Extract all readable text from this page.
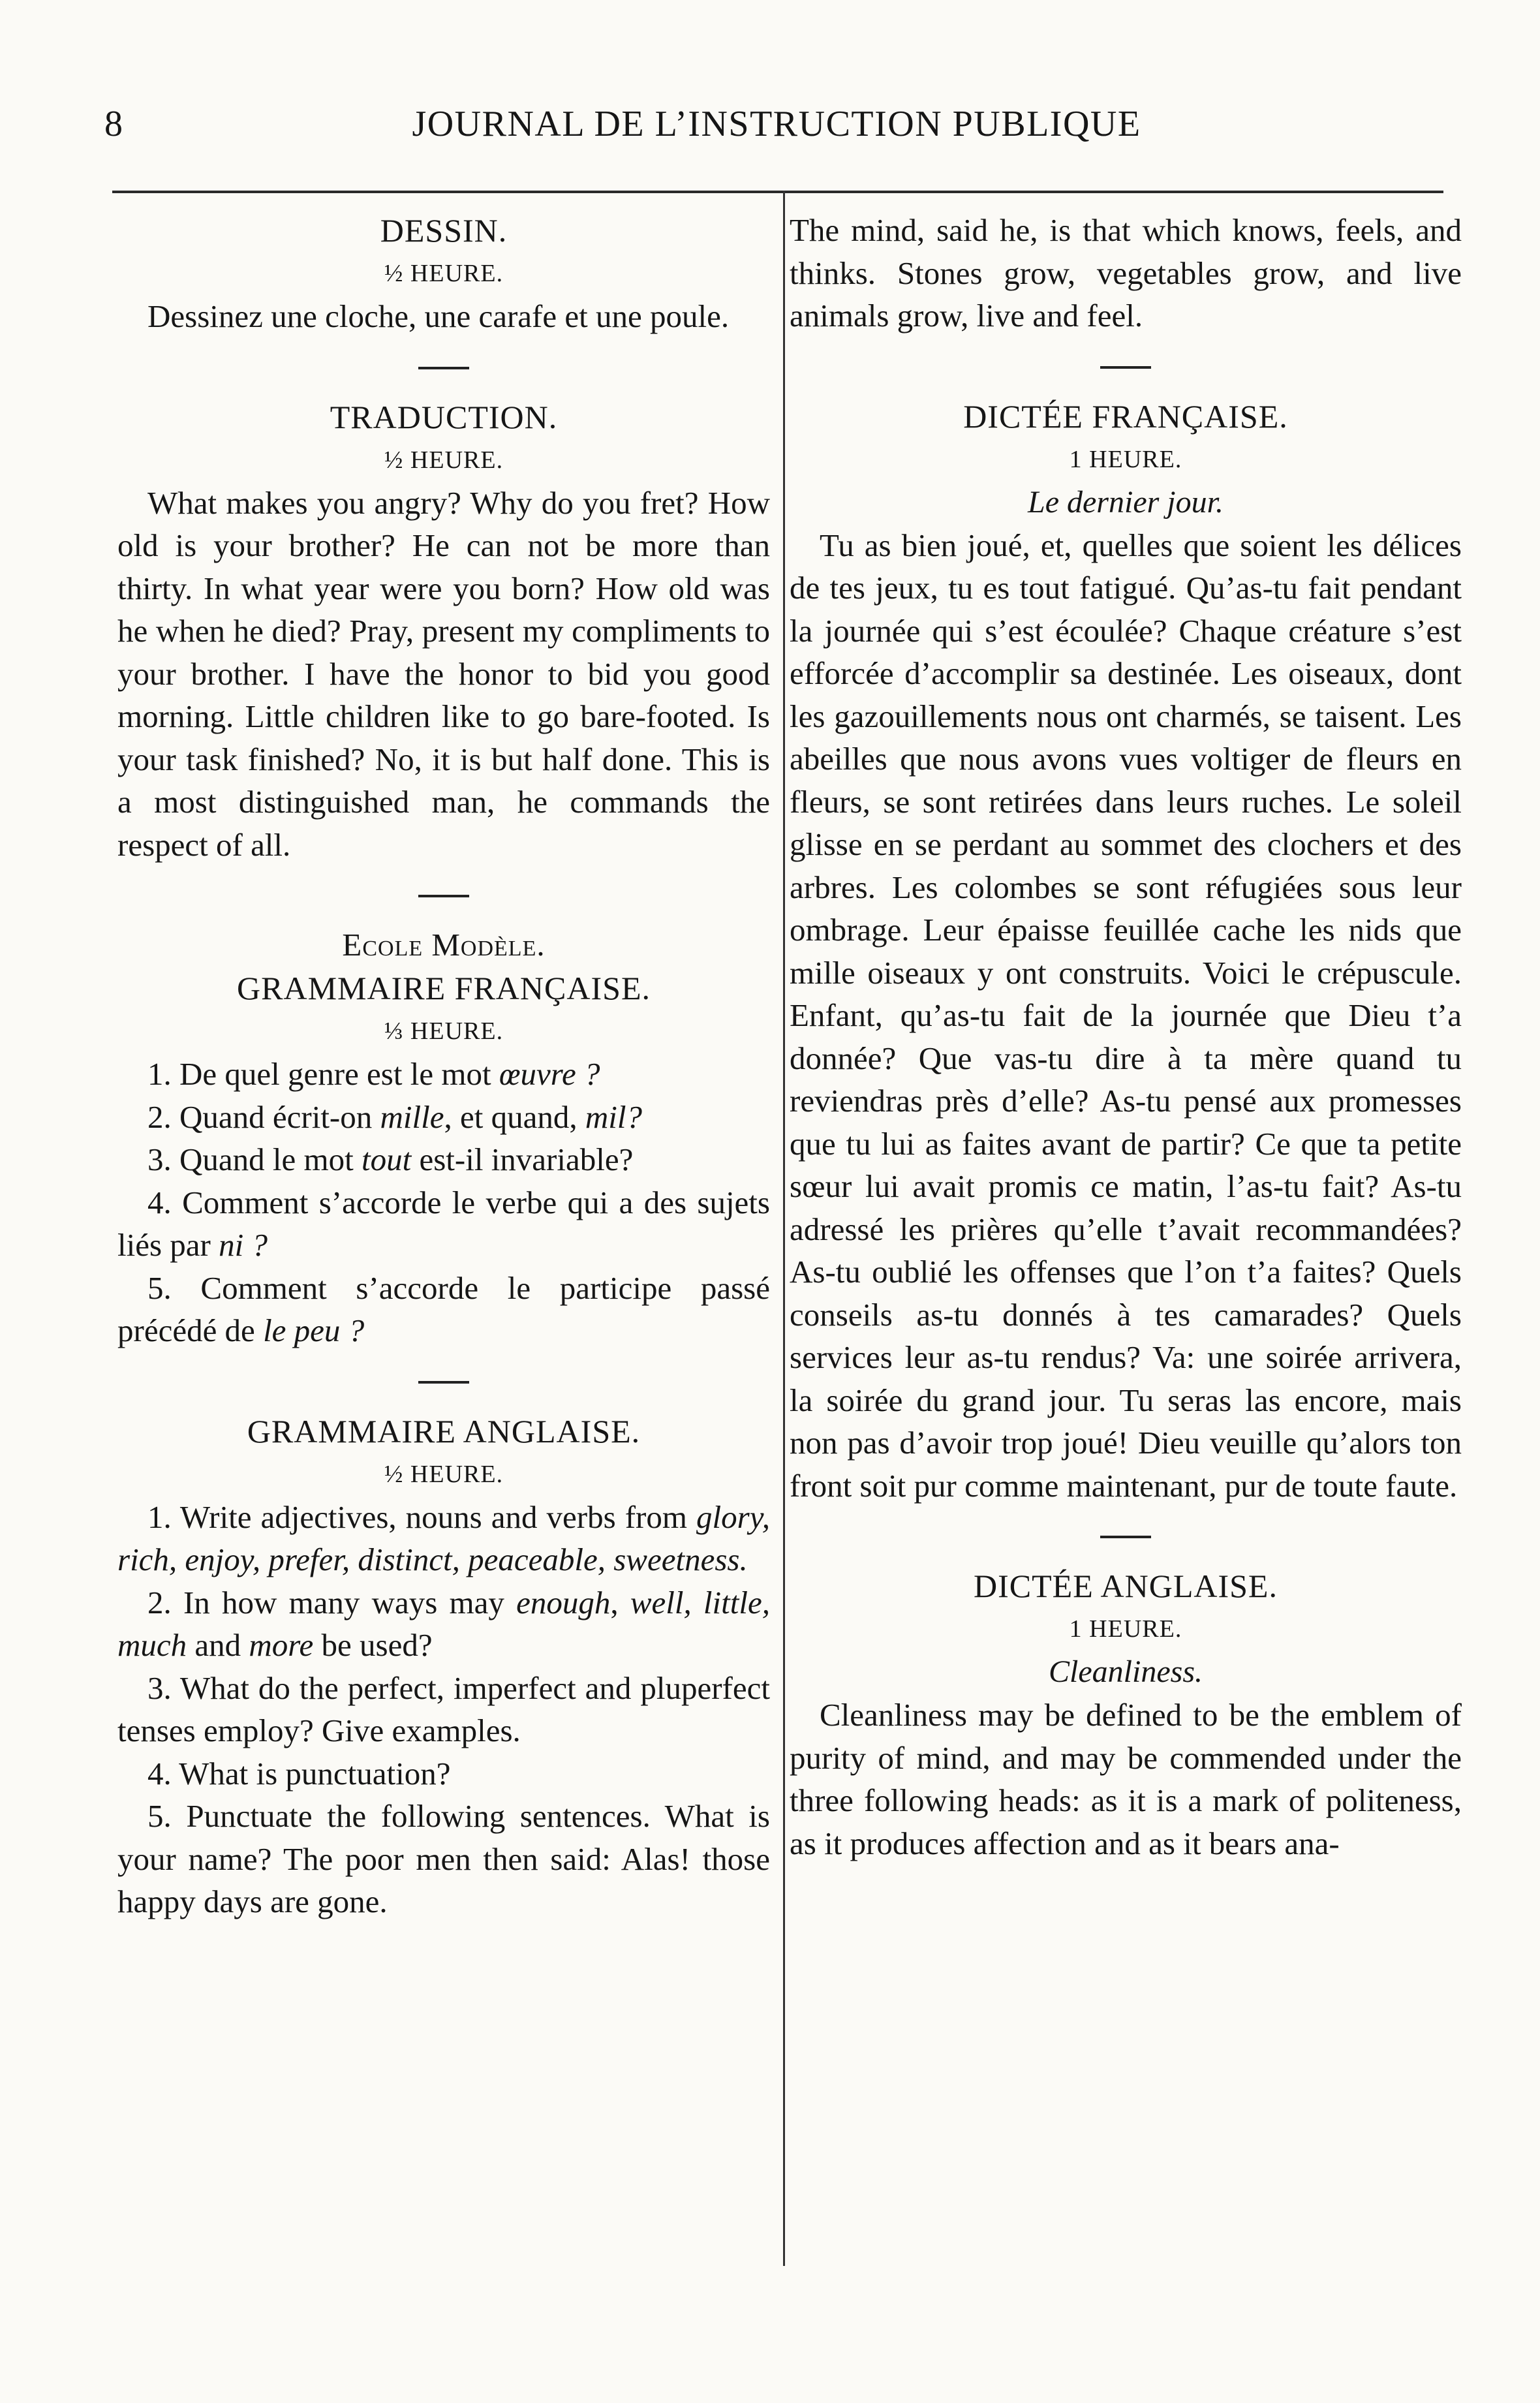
8	JOURNAL DE L’INSTRUCTION PUBLIQUE
DESSIN.
½ HEURE.

Dessinez une cloche, une carafe et une poule.

TRADUCTION.
½ HEURE.

What makes you angry? Why do you fret? How old is your brother? He can not be more than thirty. In what year were you born? How old was he when he died? Pray, present my compliments to your brother. I have the honor to bid you good morning. Little children like to go bare-footed. Is your task finished? No, it is but half done. This is a most distinguished man, he commands the respect of all.

Ecole Modèle.
GRAMMAIRE FRANÇAISE.
⅓ HEURE.

1. De quel genre est le mot œuvre ?

2. Quand écrit-on mille, et quand, mil?

3. Quand le mot tout est-il invariable?

4. Comment s’accorde le verbe qui a des sujets liés par ni ?

5. Comment s’accorde le participe passé précédé de le peu ?

GRAMMAIRE ANGLAISE.
½ HEURE.

1. Write adjectives, nouns and verbs from glory, rich, enjoy, prefer, distinct, peaceable, sweetness.

2. In how many ways may enough, well, little, much and more be used?

3. What do the perfect, imperfect and pluperfect tenses employ? Give examples.

4. What is punctuation?

5. Punctuate the following sentences. What is your name? The poor men then said: Alas! those happy days are gone.

The mind, said he, is that which knows, feels, and thinks. Stones grow, vegetables grow, and live animals grow, live and feel.

DICTÉE FRANÇAISE.
1 HEURE.
Le dernier jour.

Tu as bien joué, et, quelles que soient les délices de tes jeux, tu es tout fatigué. Qu’as-tu fait pendant la journée qui s’est écoulée? Chaque créature s’est efforcée d’accomplir sa destinée. Les oiseaux, dont les gazouillements nous ont charmés, se taisent. Les abeilles que nous avons vues voltiger de fleurs en fleurs, se sont retirées dans leurs ruches. Le soleil glisse en se perdant au sommet des clochers et des arbres. Les colombes se sont réfugiées sous leur ombrage. Leur épaisse feuillée cache les nids que mille oiseaux y ont construits. Voici le crépuscule. Enfant, qu’as-tu fait de la journée que Dieu t’a donnée? Que vas-tu dire à ta mère quand tu reviendras près d’elle? As-tu pensé aux promesses que tu lui as faites avant de partir? Ce que ta petite sœur lui avait promis ce matin, l’as-tu fait? As-tu adressé les prières qu’elle t’avait recommandées? As-tu oublié les offenses que l’on t’a faites? Quels conseils as-tu donnés à tes camarades? Quels services leur as-tu rendus? Va: une soirée arrivera, la soirée du grand jour. Tu seras las encore, mais non pas d’avoir trop joué! Dieu veuille qu’alors ton front soit pur comme maintenant, pur de toute faute.

DICTÉE ANGLAISE.
1 HEURE.
Cleanliness.

Cleanliness may be defined to be the emblem of purity of mind, and may be commended under the three following heads: as it is a mark of politeness, as it produces affection and as it bears ana-
